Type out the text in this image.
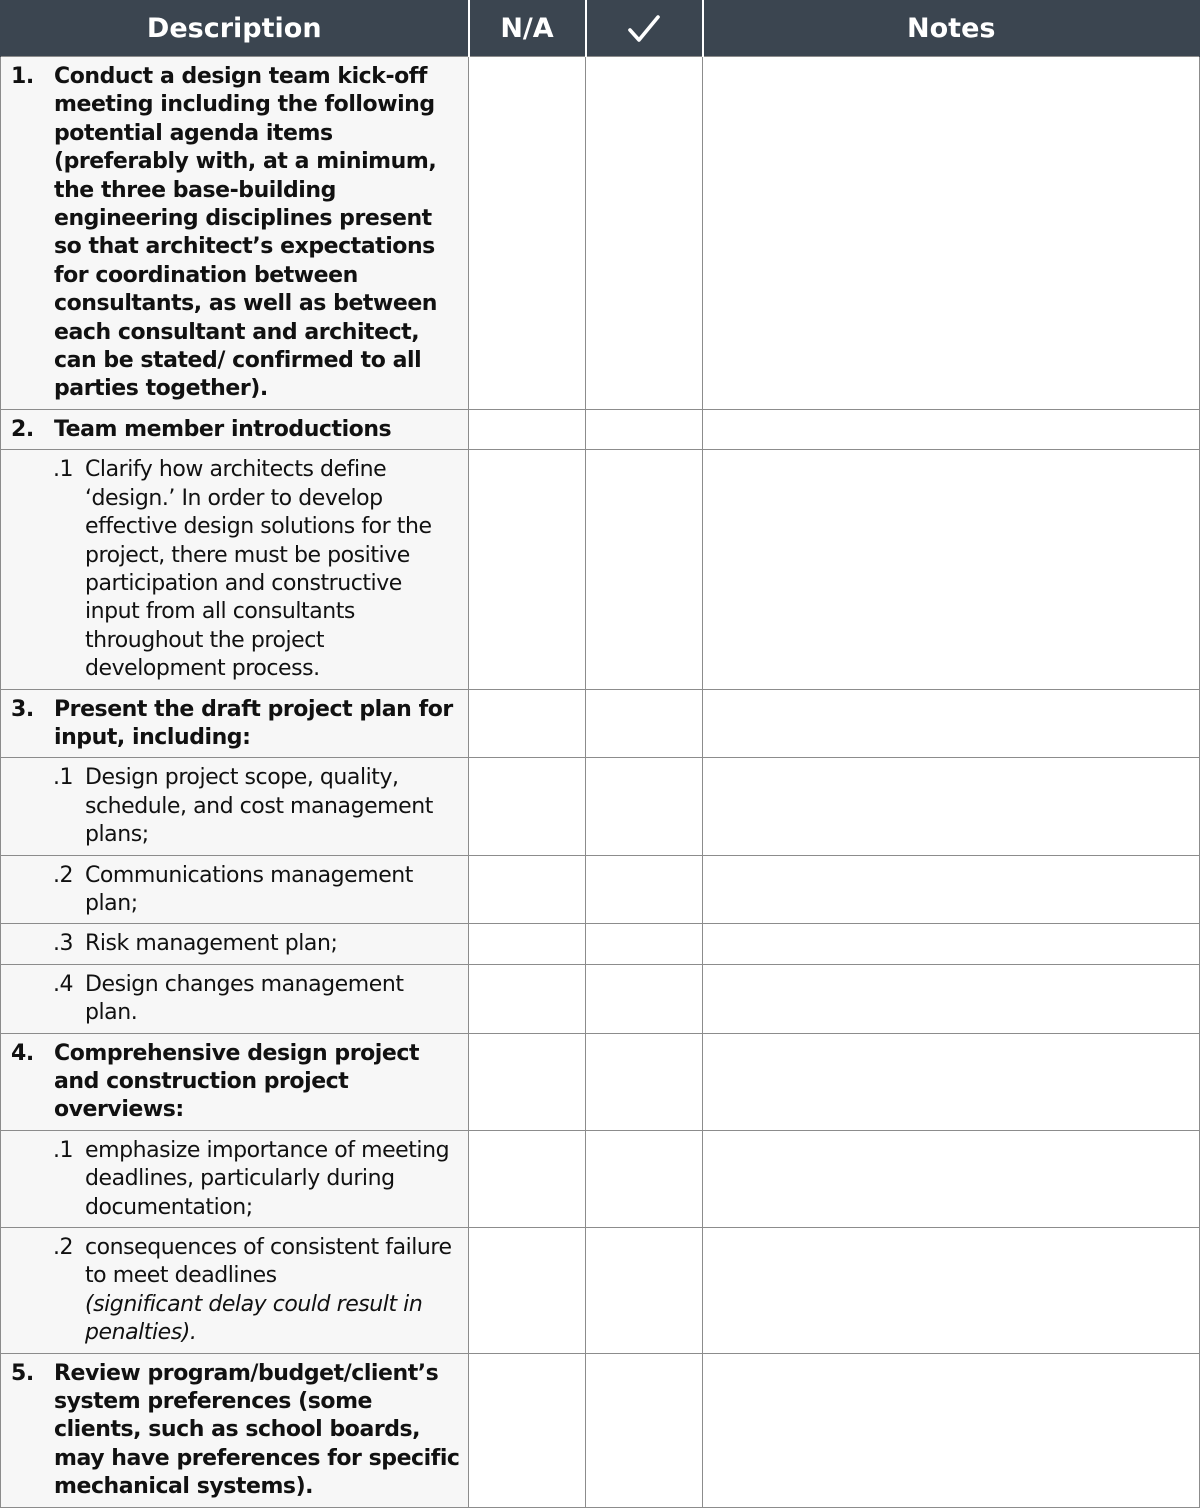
Description	N/A		Notes

1. Conduct a design team kick-off meeting including the following potential agenda items (preferably with, at a minimum, the three base-building engineering disciplines present so that architect’s expectations for coordination between consultants, as well as between each consultant and architect, can be stated/ confirmed to all parties together).			

2. Team member introductions			

.1 Clarify how architects define ‘design.’ In order to develop effective design solutions for the project, there must be positive participation and constructive input from all consultants throughout the project development process.			

3. Present the draft project plan for input, including:			

.1 Design project scope, quality, schedule, and cost management plans;			

.2 Communications management plan;			

.3 Risk management plan;			

.4 Design changes management plan.			

4. Comprehensive design project and construction project overviews:			

.1 emphasize importance of meeting deadlines, particularly during documentation;			

.2 consequences of consistent failure to meet deadlines
(significant delay could result in penalties).			

5. Review program/budget/client’s system preferences (some clients, such as school boards, may have preferences for specific mechanical systems).			
